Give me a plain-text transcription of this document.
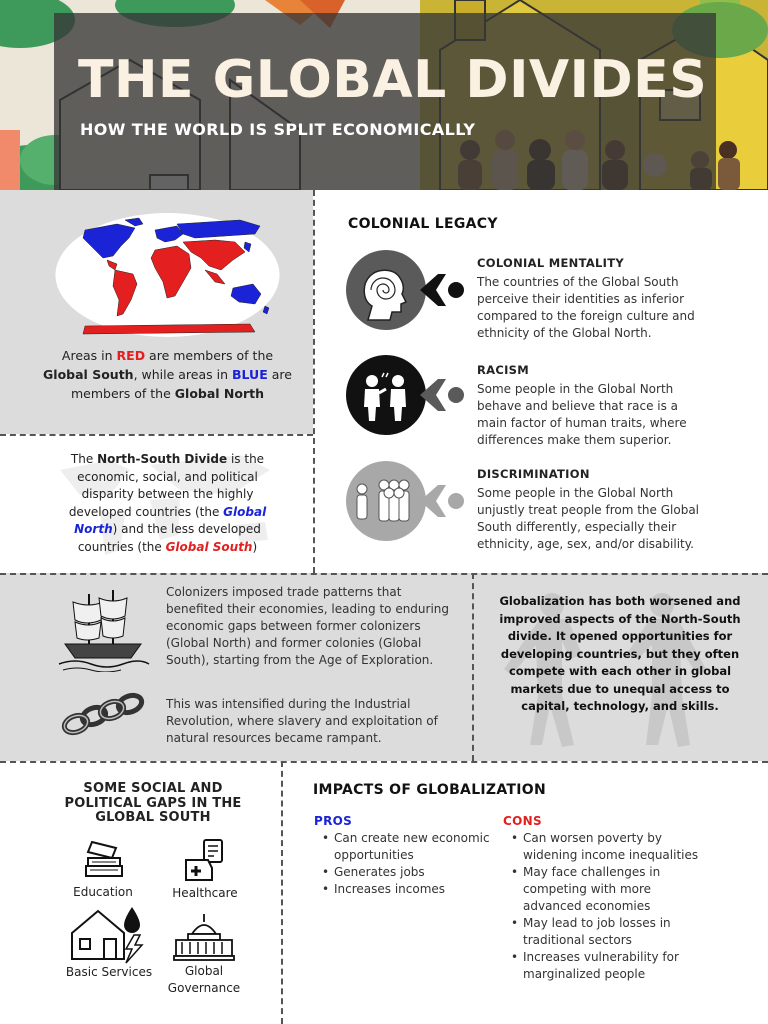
THE GLOBAL DIVIDES
HOW THE WORLD IS SPLIT ECONOMICALLY
Areas in RED are members of the Global South, while areas in BLUE are members of the Global North
The North-South Divide is the economic, social, and political disparity between the highly developed countries (the Global North) and the less developed countries (the Global South)
COLONIAL LEGACY
COLONIAL MENTALITY
The countries of the Global South perceive their identities as inferior compared to the foreign culture and ethnicity of the Global North.
RACISM
Some people in the Global North behave and believe that race is a main factor of human traits, where differences make them superior.
DISCRIMINATION
Some people in the Global North unjustly treat people from the Global South differently, especially their ethnicity, age, sex, and/or disability.
Colonizers imposed trade patterns that benefited their economies, leading to enduring economic gaps between former colonizers (Global North) and former colonies (Global South), starting from the Age of Exploration.
This was intensified during the Industrial Revolution, where slavery and exploitation of natural resources became rampant.
Globalization has both worsened and improved aspects of the North-South divide. It opened opportunities for developing countries, but they often compete with each other in global markets due to unequal access to capital, technology, and skills.
SOME SOCIAL AND POLITICAL GAPS IN THE GLOBAL SOUTH
Education	Healthcare
Basic Services	Global Governance
IMPACTS OF GLOBALIZATION
PROS
• Can create new economic opportunities
• Generates jobs
• Increases incomes
CONS
• Can worsen poverty by widening income inequalities
• May face challenges in competing with more advanced economies
• May lead to job losses in traditional sectors
• Increases vulnerability for marginalized people
